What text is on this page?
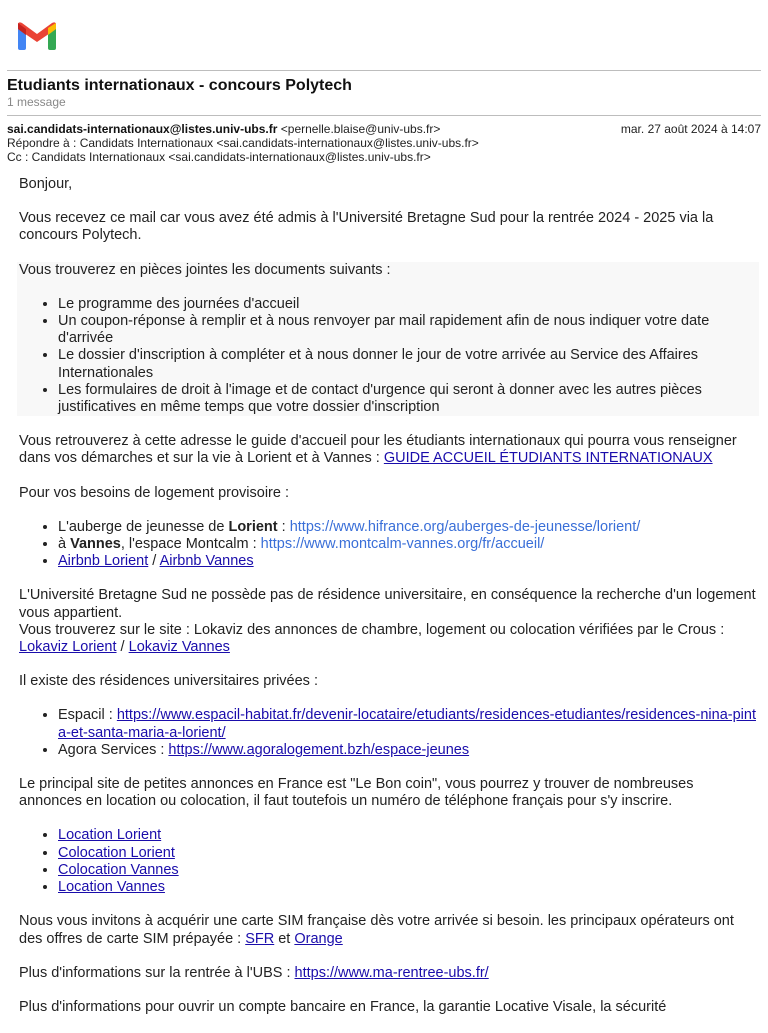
Etudiants internationaux - concours Polytech
1 message
sai.candidats-internationaux@listes.univ-ubs.fr <pernelle.blaise@univ-ubs.fr>	mar. 27 août 2024 à 14:07
Répondre à : Candidats Internationaux <sai.candidats-internationaux@listes.univ-ubs.fr>
Cc : Candidats Internationaux <sai.candidats-internationaux@listes.univ-ubs.fr>

Bonjour,

Vous recevez ce mail car vous avez été admis à l'Université Bretagne Sud pour la rentrée 2024 - 2025 via la concours Polytech.

Vous trouverez en pièces jointes les documents suivants :

• Le programme des journées d'accueil
• Un coupon-réponse à remplir et à nous renvoyer par mail rapidement afin de nous indiquer votre date d'arrivée
• Le dossier d'inscription à compléter et à nous donner le jour de votre arrivée au Service des Affaires Internationales
• Les formulaires de droit à l'image et de contact d'urgence qui seront à donner avec les autres pièces justificatives en même temps que votre dossier d'inscription

Vous retrouverez à cette adresse le guide d'accueil pour les étudiants internationaux qui pourra vous renseigner dans vos démarches et sur la vie à Lorient et à Vannes : GUIDE ACCUEIL ÉTUDIANTS INTERNATIONAUX

Pour vos besoins de logement provisoire :

• L'auberge de jeunesse de Lorient : https://www.hifrance.org/auberges-de-jeunesse/lorient/
• à Vannes, l'espace Montcalm : https://www.montcalm-vannes.org/fr/accueil/
• Airbnb Lorient / Airbnb Vannes

L'Université Bretagne Sud ne possède pas de résidence universitaire, en conséquence la recherche d'un logement vous appartient.

Vous trouverez sur le site : Lokaviz des annonces de chambre, logement ou colocation vérifiées par le Crous : Lokaviz Lorient / Lokaviz Vannes

Il existe des résidences universitaires privées :

• Espacil : https://www.espacil-habitat.fr/devenir-locataire/etudiants/residences-etudiantes/residences-nina-pinta-et-santa-maria-a-lorient/
• Agora Services : https://www.agoralogement.bzh/espace-jeunes

Le principal site de petites annonces en France est "Le Bon coin", vous pourrez y trouver de nombreuses annonces en location ou colocation, il faut toutefois un numéro de téléphone français pour s'y inscrire.

• Location Lorient
• Colocation Lorient
• Colocation Vannes
• Location Vannes

Nous vous invitons à acquérir une carte SIM française dès votre arrivée si besoin. les principaux opérateurs ont des offres de carte SIM prépayée : SFR et Orange

Plus d'informations sur la rentrée à l'UBS : https://www.ma-rentree-ubs.fr/

Plus d'informations pour ouvrir un compte bancaire en France, la garantie Locative Visale, la sécurité
